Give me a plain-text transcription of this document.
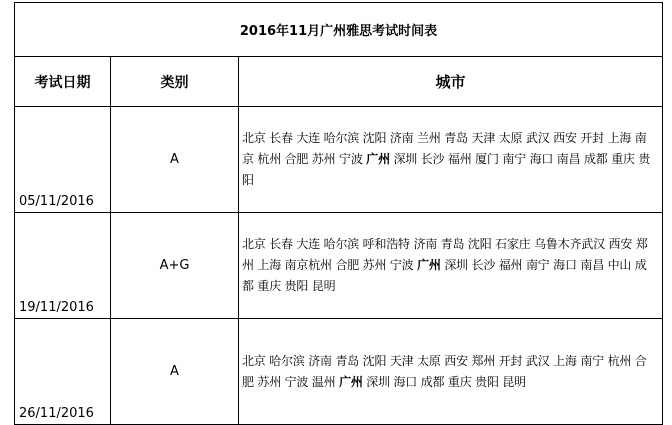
2016年11月广州雅思考试时间表		
考试日期	类别	城市
05/11/2016	A	北京 长春 大连 哈尔滨 沈阳 济南 兰州 青岛 天津 太原 武汉 西安 开封 上海 南京 杭州 合肥 苏州 宁波 广州 深圳 长沙 福州 厦门 南宁 海口 南昌 成都 重庆 贵阳

19/11/2016	A+G	北京 长春 大连 哈尔滨 呼和浩特 济南 青岛 沈阳 石家庄 乌鲁木齐武汉 西安 郑州 上海 南京杭州 合肥 苏州 宁波 广州 深圳 长沙 福州 南宁 海口 南昌 中山 成都 重庆 贵阳 昆明

26/11/2016	A	北京 哈尔滨 济南 青岛 沈阳 天津 太原 西安 郑州 开封 武汉 上海 南宁 杭州 合肥 苏州 宁波 温州 广州 深圳 海口 成都 重庆 贵阳 昆明
